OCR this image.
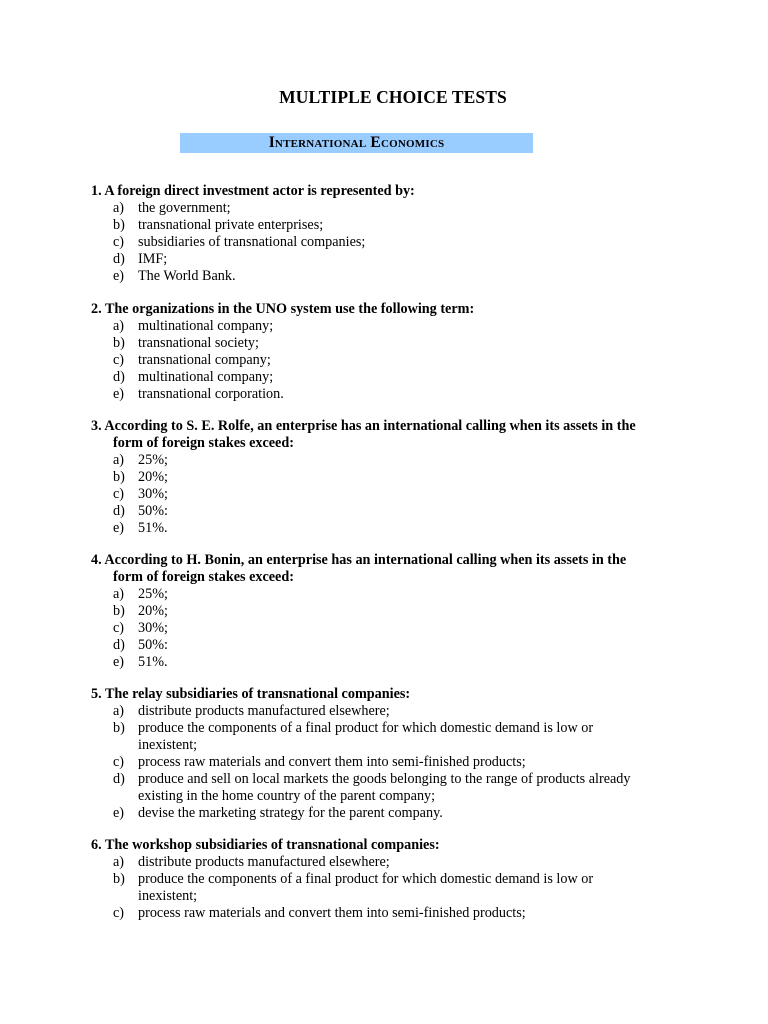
MULTIPLE CHOICE TESTS
International Economics
1. A foreign direct investment actor is represented by:
a) the government;
b) transnational private enterprises;
c) subsidiaries of transnational companies;
d) IMF;
e) The World Bank.
2. The organizations in the UNO system use the following term:
a) multinational company;
b) transnational society;
c) transnational company;
d) multinational company;
e) transnational corporation.
3. According to S. E. Rolfe, an enterprise has an international calling when its assets in the
form of foreign stakes exceed:
a) 25%;
b) 20%;
c) 30%;
d) 50%:
e) 51%.
4. According to H. Bonin, an enterprise has an international calling when its assets in the
form of foreign stakes exceed:
a) 25%;
b) 20%;
c) 30%;
d) 50%:
e) 51%.
5. The relay subsidiaries of transnational companies:
a) distribute products manufactured elsewhere;
b) produce the components of a final product for which domestic demand is low or
inexistent;
c) process raw materials and convert them into semi-finished products;
d) produce and sell on local markets the goods belonging to the range of products already
existing in the home country of the parent company;
e) devise the marketing strategy for the parent company.
6. The workshop subsidiaries of transnational companies:
a) distribute products manufactured elsewhere;
b) produce the components of a final product for which domestic demand is low or
inexistent;
c) process raw materials and convert them into semi-finished products;
